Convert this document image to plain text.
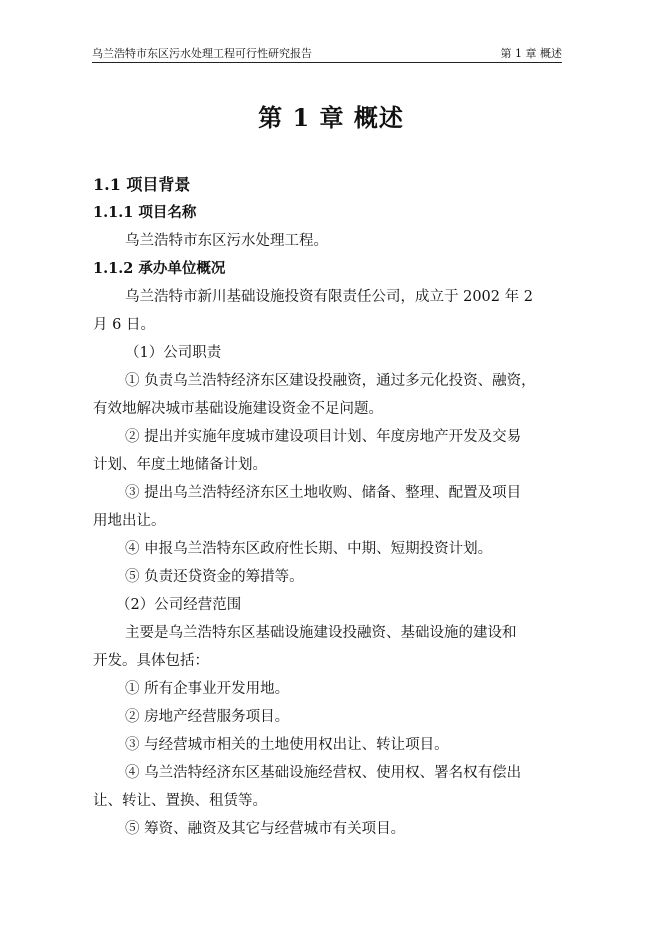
乌兰浩特市东区污水处理工程可行性研究报告	第 1 章 概述
第 1 章 概述
1.1 项目背景
1.1.1 项目名称
乌兰浩特市东区污水处理工程。
1.1.2 承办单位概况
乌兰浩特市新川基础设施投资有限责任公司，成立于 2002 年 2
月 6 日。
（1）公司职责
① 负责乌兰浩特经济东区建设投融资，通过多元化投资、融资，
有效地解决城市基础设施建设资金不足问题。
② 提出并实施年度城市建设项目计划、年度房地产开发及交易
计划、年度土地储备计划。
③ 提出乌兰浩特经济东区土地收购、储备、整理、配置及项目
用地出让。
④ 申报乌兰浩特东区政府性长期、中期、短期投资计划。
⑤ 负责还贷资金的筹措等。
（2）公司经营范围
主要是乌兰浩特东区基础设施建设投融资、基础设施的建设和
开发。具体包括：
① 所有企事业开发用地。
② 房地产经营服务项目。
③ 与经营城市相关的土地使用权出让、转让项目。
④ 乌兰浩特经济东区基础设施经营权、使用权、署名权有偿出
让、转让、置换、租赁等。
⑤ 筹资、融资及其它与经营城市有关项目。
